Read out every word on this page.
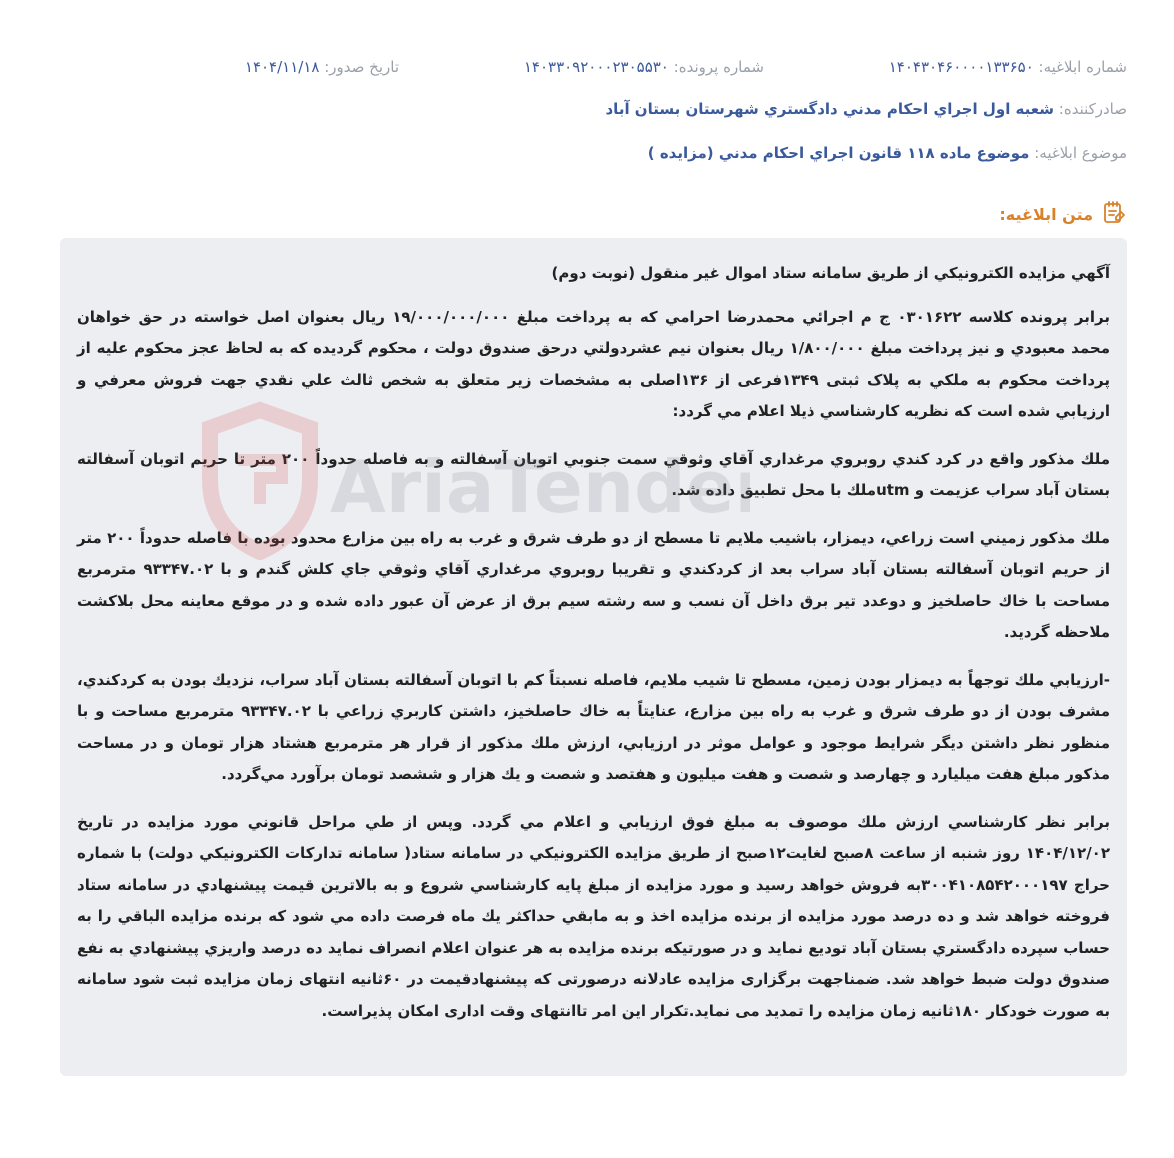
شماره ابلاغیه: ۱۴۰۴۳۰۴۶۰۰۰۰۱۳۳۶۵۰
شماره پرونده: ۱۴۰۳۳۰۹۲۰۰۰۲۳۰۵۵۳۰
تاریخ صدور: ۱۴۰۴/۱۱/۱۸
صادرکننده: شعبه اول اجراي احكام مدني دادگستري شهرستان بستان آباد
موضوع ابلاغیه: موضوع ماده ۱۱۸ قانون اجراي احكام مدني (مزايده )
متن ابلاغیه:

آگهي مزايده الكترونيكي از طريق سامانه ستاد اموال غير منقول (نوبت دوم)

برابر پرونده كلاسه ۰۳۰۱۶۲۲ ج م اجرائي محمدرضا احرامي كه به پرداخت مبلغ ۱۹/۰۰۰/۰۰۰/۰۰۰ ريال بعنوان اصل خواسته در حق خواهان محمد معبودي و نيز پرداخت مبلغ ۱/۸۰۰/۰۰۰ ريال بعنوان نيم عشردولتي درحق صندوق دولت ، محكوم گرديده كه به لحاظ عجز محكوم عليه از پرداخت محكوم به ملكي به پلاک ثبتی ۱۳۴۹فرعی از ۱۳۶اصلی به مشخصات زير متعلق به شخص ثالث علي نقدي جهت فروش معرفي و ارزيابي شده است كه نظريه كارشناسي ذيلا اعلام مي گردد:

ملك مذكور واقع در كرد كندي روبروي مرغداري آقاي وثوقي سمت جنوبي اتوبان آسفالته و به فاصله حدوداً ۲۰۰ متر تا حريم اتوبان آسفالته بستان آباد سراب عزيمت و utmملك با محل تطبيق داده شد.

ملك مذكور زميني است زراعي، ديمزار، باشيب ملايم تا مسطح از دو طرف شرق و غرب به راه بين مزارع محدود بوده با فاصله حدوداً ۲۰۰ متر از حريم اتوبان آسفالته بستان آباد سراب بعد از كردكندي و تقريبا روبروي مرغداري آقاي وثوقي جاي كلش گندم و با ۹۳۳۴۷.۰۲ مترمربع مساحت با خاك حاصلخيز و دوعدد تير برق داخل آن نسب و سه رشته سيم برق از عرض آن عبور داده شده و در موقع معاينه محل بلاكشت ملاحظه گرديد.

-ارزيابي ملك توجهاً به ديمزار بودن زمين، مسطح تا شيب ملايم، فاصله نسبتاً كم با اتوبان آسفالته بستان آباد سراب، نزديك بودن به كردكندي، مشرف بودن از دو طرف شرق و غرب به راه بين مزارع، عنايتاً به خاك حاصلخيز، داشتن كاربري زراعي با ۹۳۳۴۷.۰۲ مترمربع مساحت و با منظور نظر داشتن ديگر شرايط موجود و عوامل موثر در ارزيابي، ارزش ملك مذكور از قرار هر مترمربع هشتاد هزار تومان و در مساحت مذكور مبلغ هفت ميليارد و چهارصد و شصت و هفت ميليون و هفتصد و شصت و يك هزار و ششصد تومان برآورد مي‌گردد.

برابر نظر كارشناسي ارزش ملك موصوف به مبلغ فوق ارزيابي و اعلام مي گردد. وپس از طي مراحل قانوني مورد مزايده در تاريخ ۱۴۰۴/۱۲/۰۲ روز شنبه از ساعت ۸صبح لغايت۱۲صبح از طريق مزايده الكترونيكي در سامانه ستاد( سامانه تداركات الكترونيكي دولت) با شماره حراج ۳۰۰۴۱۰۸۵۴۲۰۰۰۱۹۷به فروش خواهد رسيد و مورد مزايده از مبلغ پايه كارشناسي شروع و به بالاترين قيمت پيشنهادي در سامانه ستاد فروخته خواهد شد و ده درصد مورد مزايده از برنده مزايده اخذ و به مابقي حداكثر يك ماه فرصت داده مي شود كه برنده مزايده الباقي را به حساب سپرده دادگستري بستان آباد توديع نمايد و در صورتيكه برنده مزايده به هر عنوان اعلام انصراف نمايد ده درصد واريزي پيشنهادي به نفع صندوق دولت ضبط خواهد شد. ضمناجهت برگزاری مزایده عادلانه درصورتی که پیشنهادقیمت در ۶۰ثانیه انتهای زمان مزایده ثبت شود سامانه به صورت خودکار ۱۸۰ثانیه زمان مزایده را تمدید می نماید.تکرار این امر تاانتهای وقت اداری امکان پذیراست.
